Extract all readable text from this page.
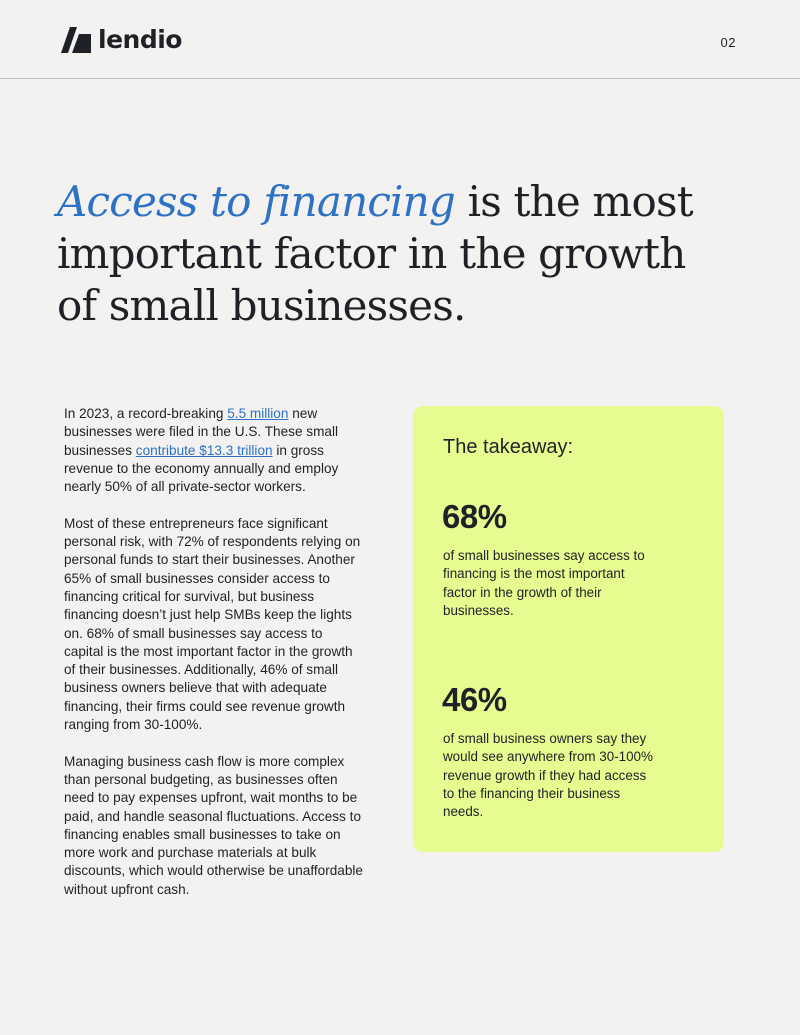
lendio	02
Access to financing is the most important factor in the growth of small businesses.

In 2023, a record-breaking 5.5 million new businesses were filed in the U.S. These small businesses contribute $13.3 trillion in gross revenue to the economy annually and employ nearly 50% of all private-sector workers.

Most of these entrepreneurs face significant personal risk, with 72% of respondents relying on personal funds to start their businesses. Another 65% of small businesses consider access to financing critical for survival, but business financing doesn’t just help SMBs keep the lights on. 68% of small businesses say access to capital is the most important factor in the growth of their businesses. Additionally, 46% of small business owners believe that with adequate financing, their firms could see revenue growth ranging from 30-100%.

Managing business cash flow is more complex than personal budgeting, as businesses often need to pay expenses upfront, wait months to be paid, and handle seasonal fluctuations. Access to financing enables small businesses to take on more work and purchase materials at bulk discounts, which would otherwise be unaffordable without upfront cash.

The takeaway:
68%
of small businesses say access to financing is the most important factor in the growth of their businesses.
46%
of small business owners say they would see anywhere from 30-100% revenue growth if they had access to the financing their business needs.
